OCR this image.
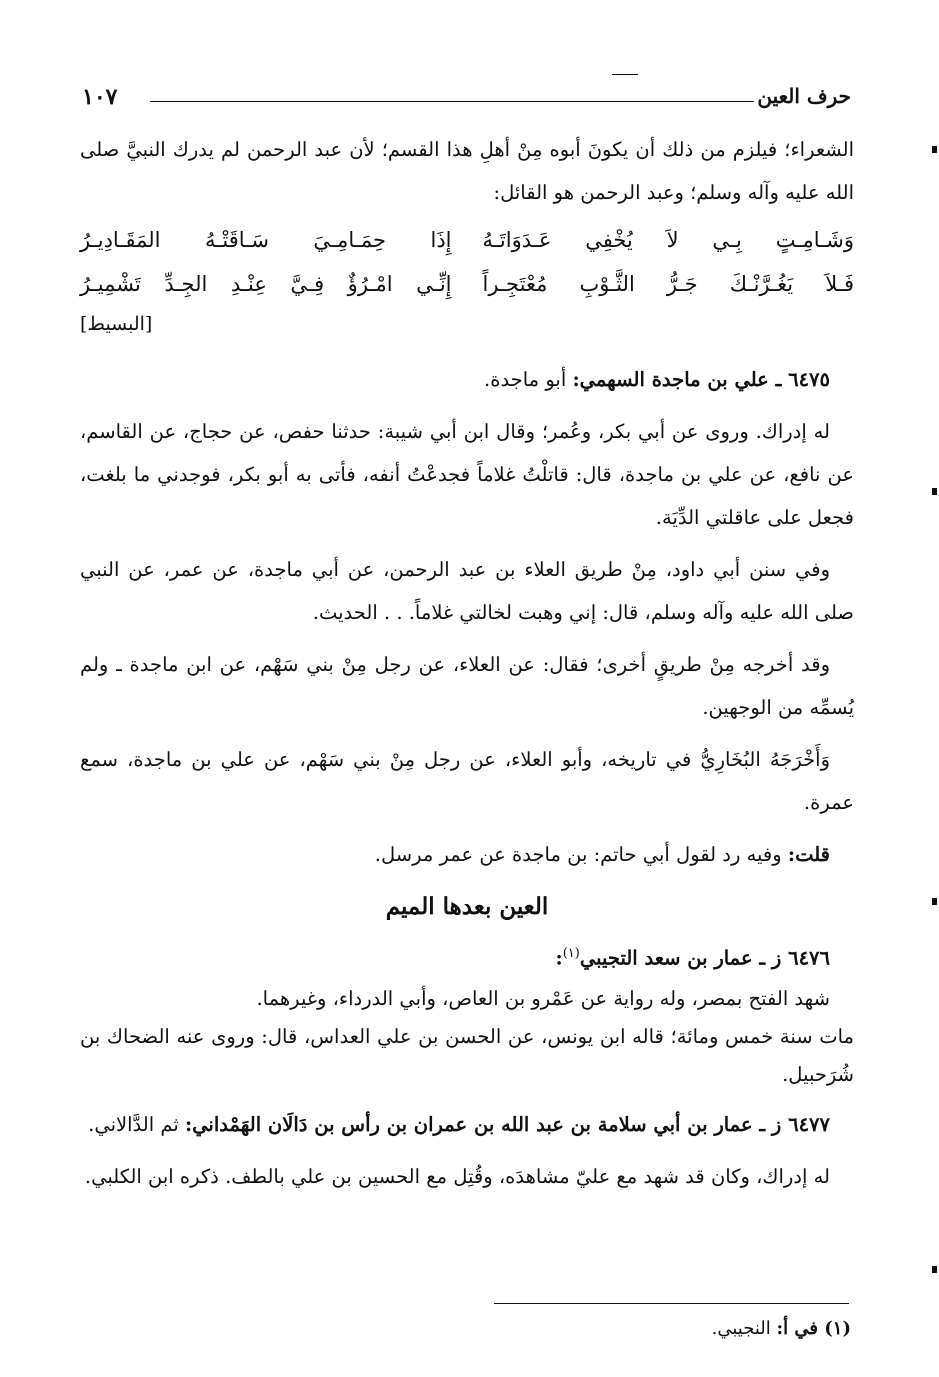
حرف العين
١٠٧

الشعراء؛ فيلزم من ذلك أن يكونَ أبوه مِنْ أهلِ هذا القسم؛ لأن عبد الرحمن لم يدرك النبيَّ صلى الله عليه وآله وسلم؛ وعبد الرحمن هو القائل:

وَشَـامِـتٍ بِـي لاَ يُخْفِي عَـدَوَاتَـهُ
إِذَا حِمَـامِـيَ سَـاقَتْـهُ المَقَـادِيـرُ
فَـلاَ يَغُـرَّنْـكَ جَـرُّ الثَّـوْبِ مُعْتَجِـراً
إِنِّـي امْـرُؤٌ فِـيَّ عِنْـدِ الجِـدِّ تَشْمِيـرُ
[البسيط]

٦٤٧٥ ـ علي بن ماجدة السهمي: أبو ماجدة.

له إدراك. وروى عن أبي بكر، وعُمر؛ وقال ابن أبي شيبة: حدثنا حفص، عن حجاج، عن القاسم، عن نافع، عن علي بن ماجدة، قال: قاتلْتُ غلاماً فجدعْتُ أنفه، فأتى به أبو بكر، فوجدني ما بلغت، فجعل على عاقلتي الدِّيَة.

وفي سنن أبي داود، مِنْ طريق العلاء بن عبد الرحمن، عن أبي ماجدة، عن عمر، عن النبي صلى الله عليه وآله وسلم، قال: إني وهبت لخالتي غلاماً. . . الحديث.

وقد أخرجه مِنْ طريقٍ أخرى؛ فقال: عن العلاء، عن رجل مِنْ بني سَهْم، عن ابن ماجدة ـ ولم يُسمِّه من الوجهين.

وَأَخْرَجَهُ البُخَارِيُّ في تاريخه، وأبو العلاء، عن رجل مِنْ بني سَهْم، عن علي بن ماجدة، سمع عمرة.

قلت: وفيه رد لقول أبي حاتم: بن ماجدة عن عمر مرسل.

العين بعدها الميم

٦٤٧٦ ز ـ عمار بن سعد التجيبي$^{(١)}$:

شهد الفتح بمصر، وله رواية عن عَمْرو بن العاص، وأبي الدرداء، وغيرهما.

مات سنة خمس ومائة؛ قاله ابن يونس، عن الحسن بن علي العداس، قال: وروى عنه الضحاك بن شُرَحبيل.

٦٤٧٧ ز ـ عمار بن أبي سلامة بن عبد الله بن عمران بن رأس بن دَالَان الهَمْداني: ثم الدَّالاني.

له إدراك، وكان قد شهد مع عليّ مشاهدَه، وقُتِل مع الحسين بن علي بالطف. ذكره ابن الكلبي.

(١) في أ: النجيبي.
